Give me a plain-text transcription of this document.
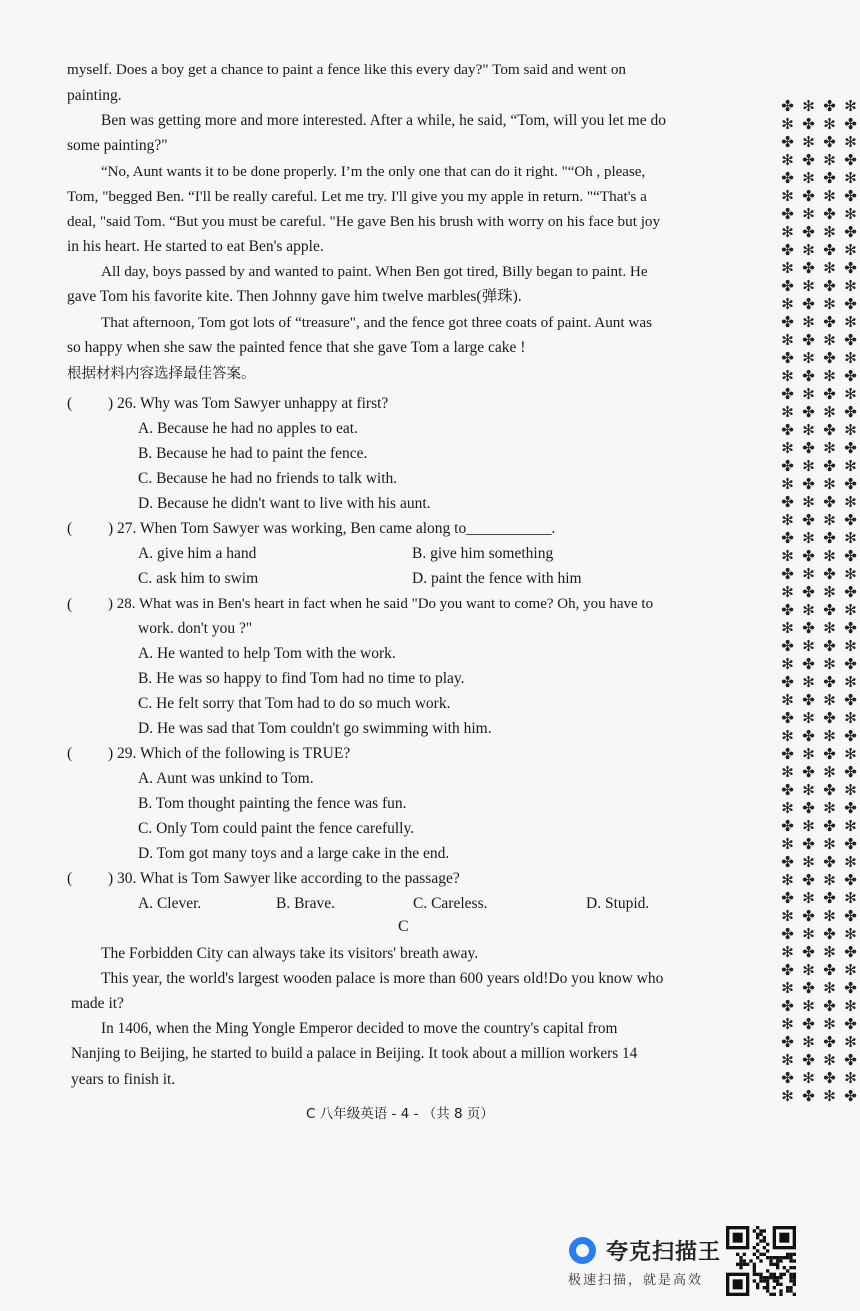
myself. Does a boy get a chance to paint a fence like this every day?" Tom said and went on
painting.
Ben was getting more and more interested. After a while, he said, “Tom, will you let me do
some painting?"
“No, Aunt wants it to be done properly. I’m the only one that can do it right. "“Oh , please,
Tom, "begged Ben. “I'll be really careful. Let me try. I'll give you my apple in return. "“That's a
deal, "said Tom. “But you must be careful. "He gave Ben his brush with worry on his face but joy
in his heart. He started to eat Ben's apple.
All day, boys passed by and wanted to paint. When Ben got tired, Billy began to paint. He
gave Tom his favorite kite. Then Johnny gave him twelve marbles(弹珠).
That afternoon, Tom got lots of “treasure", and the fence got three coats of paint. Aunt was
so happy when she saw the painted fence that she gave Tom a large cake !
根据材料内容选择最佳答案。
( ) 26. Why was Tom Sawyer unhappy at first?
A. Because he had no apples to eat.
B. Because he had to paint the fence.
C. Because he had no friends to talk with.
D. Because he didn't want to live with his aunt.
( ) 27. When Tom Sawyer was working, Ben came along to___________.
A. give him a hand	B. give him something
C. ask him to swim	D. paint the fence with him
( ) 28. What was in Ben's heart in fact when he said "Do you want to come? Oh, you have to
work. don't you ?"
A. He wanted to help Tom with the work.
B. He was so happy to find Tom had no time to play.
C. He felt sorry that Tom had to do so much work.
D. He was sad that Tom couldn't go swimming with him.
( ) 29. Which of the following is TRUE?
A. Aunt was unkind to Tom.
B. Tom thought painting the fence was fun.
C. Only Tom could paint the fence carefully.
D. Tom got many toys and a large cake in the end.
( ) 30. What is Tom Sawyer like according to the passage?
A. Clever.	B. Brave.	C. Careless.	D. Stupid.
C
The Forbidden City can always take its visitors' breath away.
This year, the world's largest wooden palace is more than 600 years old!Do you know who
made it?
In 1406, when the Ming Yongle Emperor decided to move the country's capital from
Nanjing to Beijing, he started to build a palace in Beijing. It took about a million workers 14
years to finish it.
C 八年级英语 - 4 - （共 8 页）
✤ ✻ ✤ ✻
✻ ✤ ✻ ✤
✤ ✻ ✤ ✻
✻ ✤ ✻ ✤
✤ ✻ ✤ ✻
✻ ✤ ✻ ✤
✤ ✻ ✤ ✻
✻ ✤ ✻ ✤
✤ ✻ ✤ ✻
✻ ✤ ✻ ✤
✤ ✻ ✤ ✻
✻ ✤ ✻ ✤
✤ ✻ ✤ ✻
✻ ✤ ✻ ✤
✤ ✻ ✤ ✻
✻ ✤ ✻ ✤
✤ ✻ ✤ ✻
✻ ✤ ✻ ✤
✤ ✻ ✤ ✻
✻ ✤ ✻ ✤
✤ ✻ ✤ ✻
✻ ✤ ✻ ✤
✤ ✻ ✤ ✻
✻ ✤ ✻ ✤
✤ ✻ ✤ ✻
✻ ✤ ✻ ✤
✤ ✻ ✤ ✻
✻ ✤ ✻ ✤
✤ ✻ ✤ ✻
✻ ✤ ✻ ✤
✤ ✻ ✤ ✻
✻ ✤ ✻ ✤
✤ ✻ ✤ ✻
✻ ✤ ✻ ✤
✤ ✻ ✤ ✻
✻ ✤ ✻ ✤
✤ ✻ ✤ ✻
✻ ✤ ✻ ✤
✤ ✻ ✤ ✻
✻ ✤ ✻ ✤
✤ ✻ ✤ ✻
✻ ✤ ✻ ✤
✤ ✻ ✤ ✻
✻ ✤ ✻ ✤
✤ ✻ ✤ ✻
✻ ✤ ✻ ✤
✤ ✻ ✤ ✻
✻ ✤ ✻ ✤
✤ ✻ ✤ ✻
✻ ✤ ✻ ✤
✤ ✻ ✤ ✻
✻ ✤ ✻ ✤
✤ ✻ ✤ ✻
✻ ✤ ✻ ✤
✤ ✻ ✤ ✻
✻ ✤ ✻ ✤
夸克扫描王
极速扫描，就是高效
